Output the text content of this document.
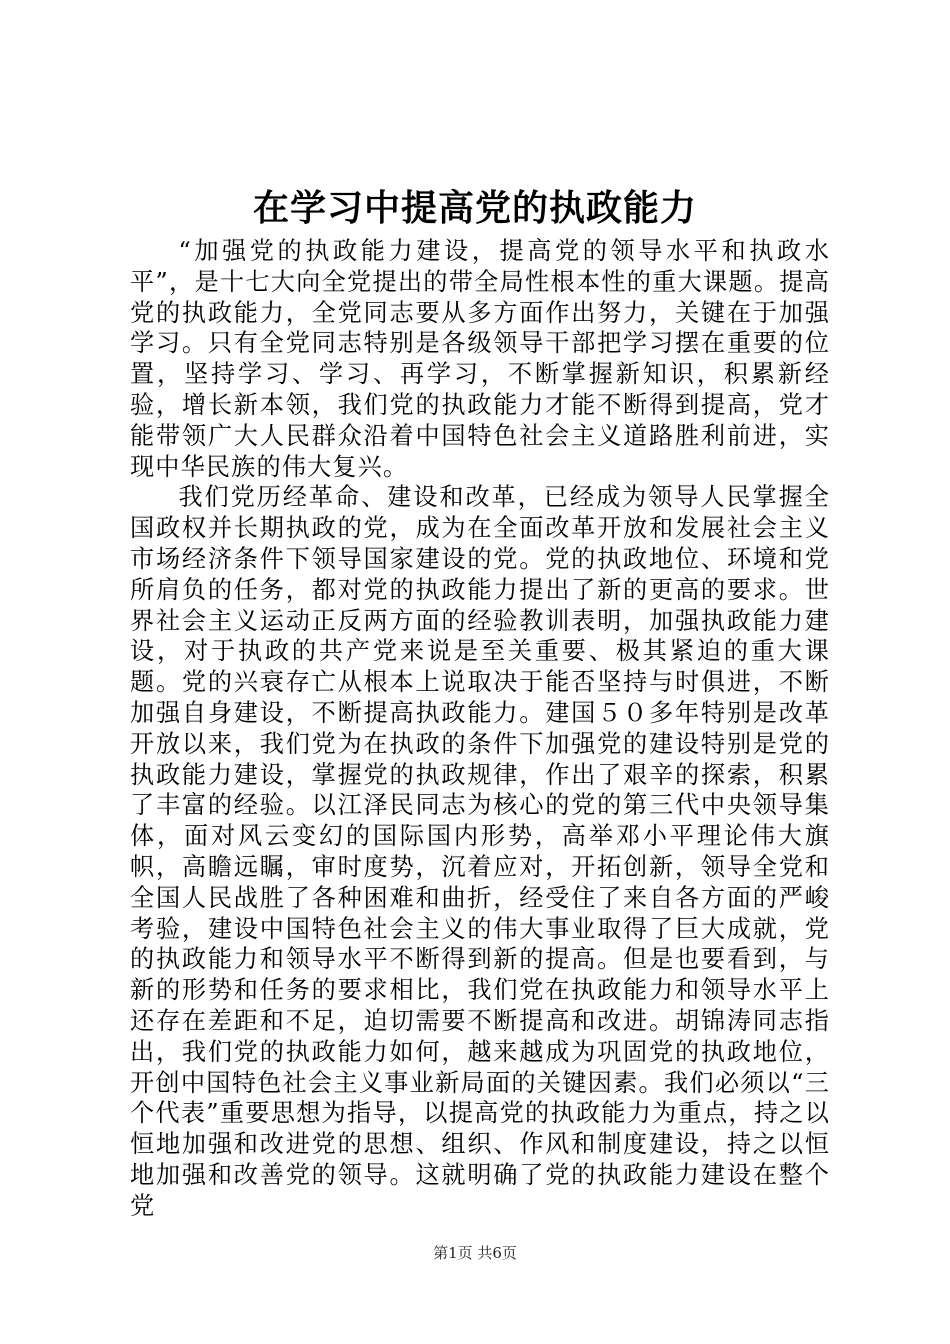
在学习中提高党的执政能力

“加强党的执政能力建设，提高党的领导水平和执政水平”，是十七大向全党提出的带全局性根本性的重大课题。提高党的执政能力，全党同志要从多方面作出努力，关键在于加强学习。只有全党同志特别是各级领导干部把学习摆在重要的位置，坚持学习、学习、再学习，不断掌握新知识，积累新经验，增长新本领，我们党的执政能力才能不断得到提高，党才能带领广大人民群众沿着中国特色社会主义道路胜利前进，实现中华民族的伟大复兴。

我们党历经革命、建设和改革，已经成为领导人民掌握全国政权并长期执政的党，成为在全面改革开放和发展社会主义市场经济条件下领导国家建设的党。党的执政地位、环境和党所肩负的任务，都对党的执政能力提出了新的更高的要求。世界社会主义运动正反两方面的经验教训表明，加强执政能力建设，对于执政的共产党来说是至关重要、极其紧迫的重大课题。党的兴衰存亡从根本上说取决于能否坚持与时俱进，不断加强自身建设，不断提高执政能力。建国５０多年特别是改革开放以来，我们党为在执政的条件下加强党的建设特别是党的执政能力建设，掌握党的执政规律，作出了艰辛的探索，积累了丰富的经验。以江泽民同志为核心的党的第三代中央领导集体，面对风云变幻的国际国内形势，高举邓小平理论伟大旗帜，高瞻远瞩，审时度势，沉着应对，开拓创新，领导全党和全国人民战胜了各种困难和曲折，经受住了来自各方面的严峻考验，建设中国特色社会主义的伟大事业取得了巨大成就，党的执政能力和领导水平不断得到新的提高。但是也要看到，与新的形势和任务的要求相比，我们党在执政能力和领导水平上还存在差距和不足，迫切需要不断提高和改进。胡锦涛同志指出，我们党的执政能力如何，越来越成为巩固党的执政地位，开创中国特色社会主义事业新局面的关键因素。我们必须以“三个代表”重要思想为指导，以提高党的执政能力为重点，持之以恒地加强和改进党的思想、组织、作风和制度建设，持之以恒地加强和改善党的领导。这就明确了党的执政能力建设在整个党

第1页 共6页
